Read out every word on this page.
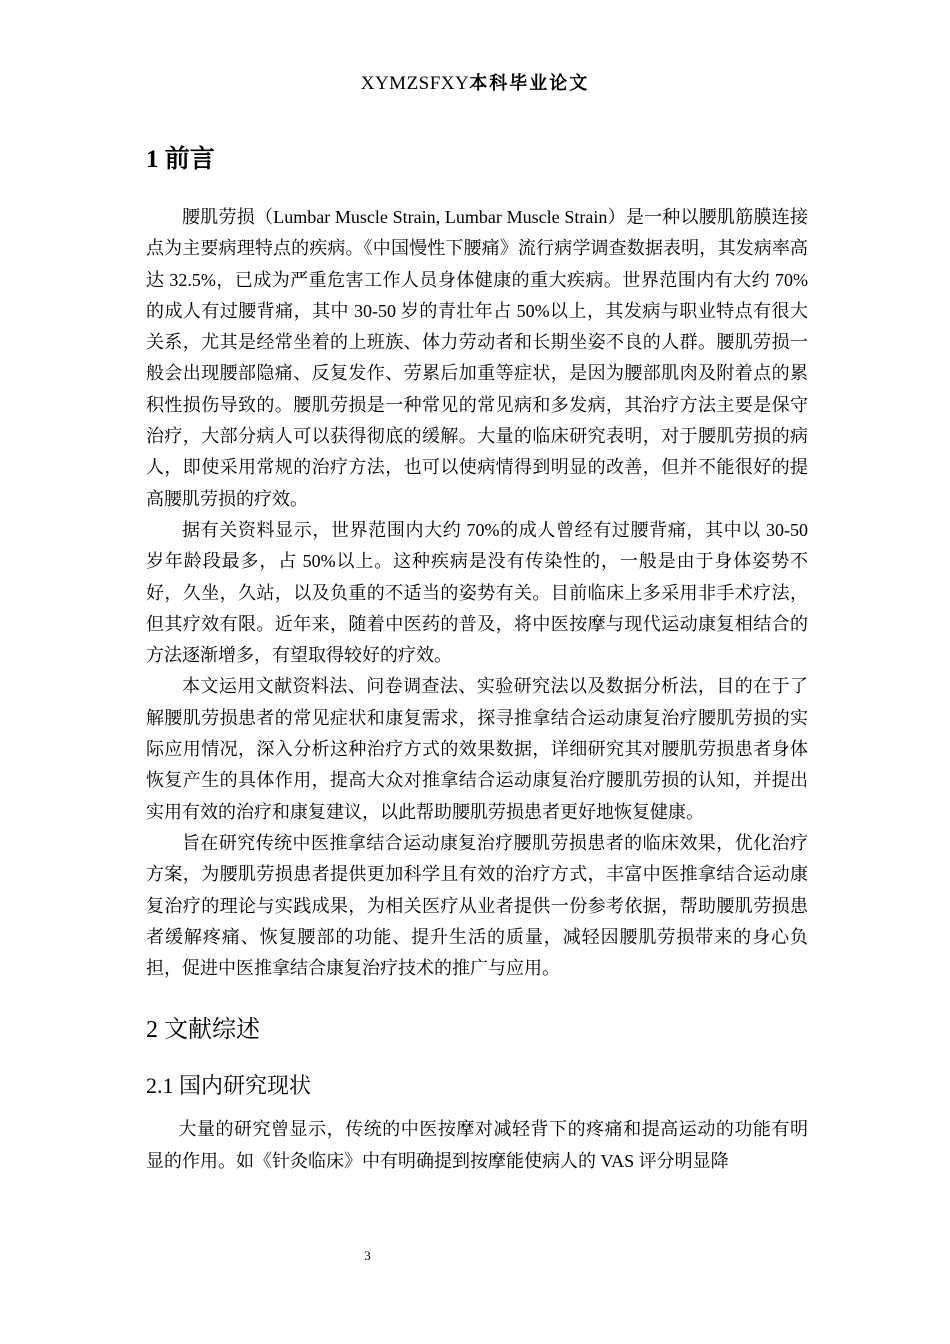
XYMZSFXY本科毕业论文
1 前言

腰肌劳损（Lumbar Muscle Strain, Lumbar Muscle Strain）是一种以腰肌筋膜连接点为主要病理特点的疾病。《中国慢性下腰痛》流行病学调查数据表明，其发病率高达 32.5%，已成为严重危害工作人员身体健康的重大疾病。世界范围内有大约 70%的成人有过腰背痛，其中 30-50 岁的青壮年占 50%以上，其发病与职业特点有很大关系，尤其是经常坐着的上班族、体力劳动者和长期坐姿不良的人群。腰肌劳损一般会出现腰部隐痛、反复发作、劳累后加重等症状，是因为腰部肌肉及附着点的累积性损伤导致的。腰肌劳损是一种常见的常见病和多发病，其治疗方法主要是保守治疗，大部分病人可以获得彻底的缓解。大量的临床研究表明，对于腰肌劳损的病人，即使采用常规的治疗方法，也可以使病情得到明显的改善，但并不能很好的提高腰肌劳损的疗效。

据有关资料显示，世界范围内大约 70%的成人曾经有过腰背痛，其中以 30-50 岁年龄段最多，占 50%以上。这种疾病是没有传染性的，一般是由于身体姿势不好，久坐，久站，以及负重的不适当的姿势有关。目前临床上多采用非手术疗法，但其疗效有限。近年来，随着中医药的普及，将中医按摩与现代运动康复相结合的方法逐渐增多，有望取得较好的疗效。

本文运用文献资料法、问卷调查法、实验研究法以及数据分析法，目的在于了解腰肌劳损患者的常见症状和康复需求，探寻推拿结合运动康复治疗腰肌劳损的实际应用情况，深入分析这种治疗方式的效果数据，详细研究其对腰肌劳损患者身体恢复产生的具体作用，提高大众对推拿结合运动康复治疗腰肌劳损的认知，并提出实用有效的治疗和康复建议，以此帮助腰肌劳损患者更好地恢复健康。

旨在研究传统中医推拿结合运动康复治疗腰肌劳损患者的临床效果，优化治疗方案，为腰肌劳损患者提供更加科学且有效的治疗方式，丰富中医推拿结合运动康复治疗的理论与实践成果，为相关医疗从业者提供一份参考依据，帮助腰肌劳损患者缓解疼痛、恢复腰部的功能、提升生活的质量，减轻因腰肌劳损带来的身心负担，促进中医推拿结合康复治疗技术的推广与应用。

2 文献综述
2.1 国内研究现状

大量的研究曾显示，传统的中医按摩对减轻背下的疼痛和提高运动的功能有明显的作用。如《针灸临床》中有明确提到按摩能使病人的 VAS 评分明显降

3
